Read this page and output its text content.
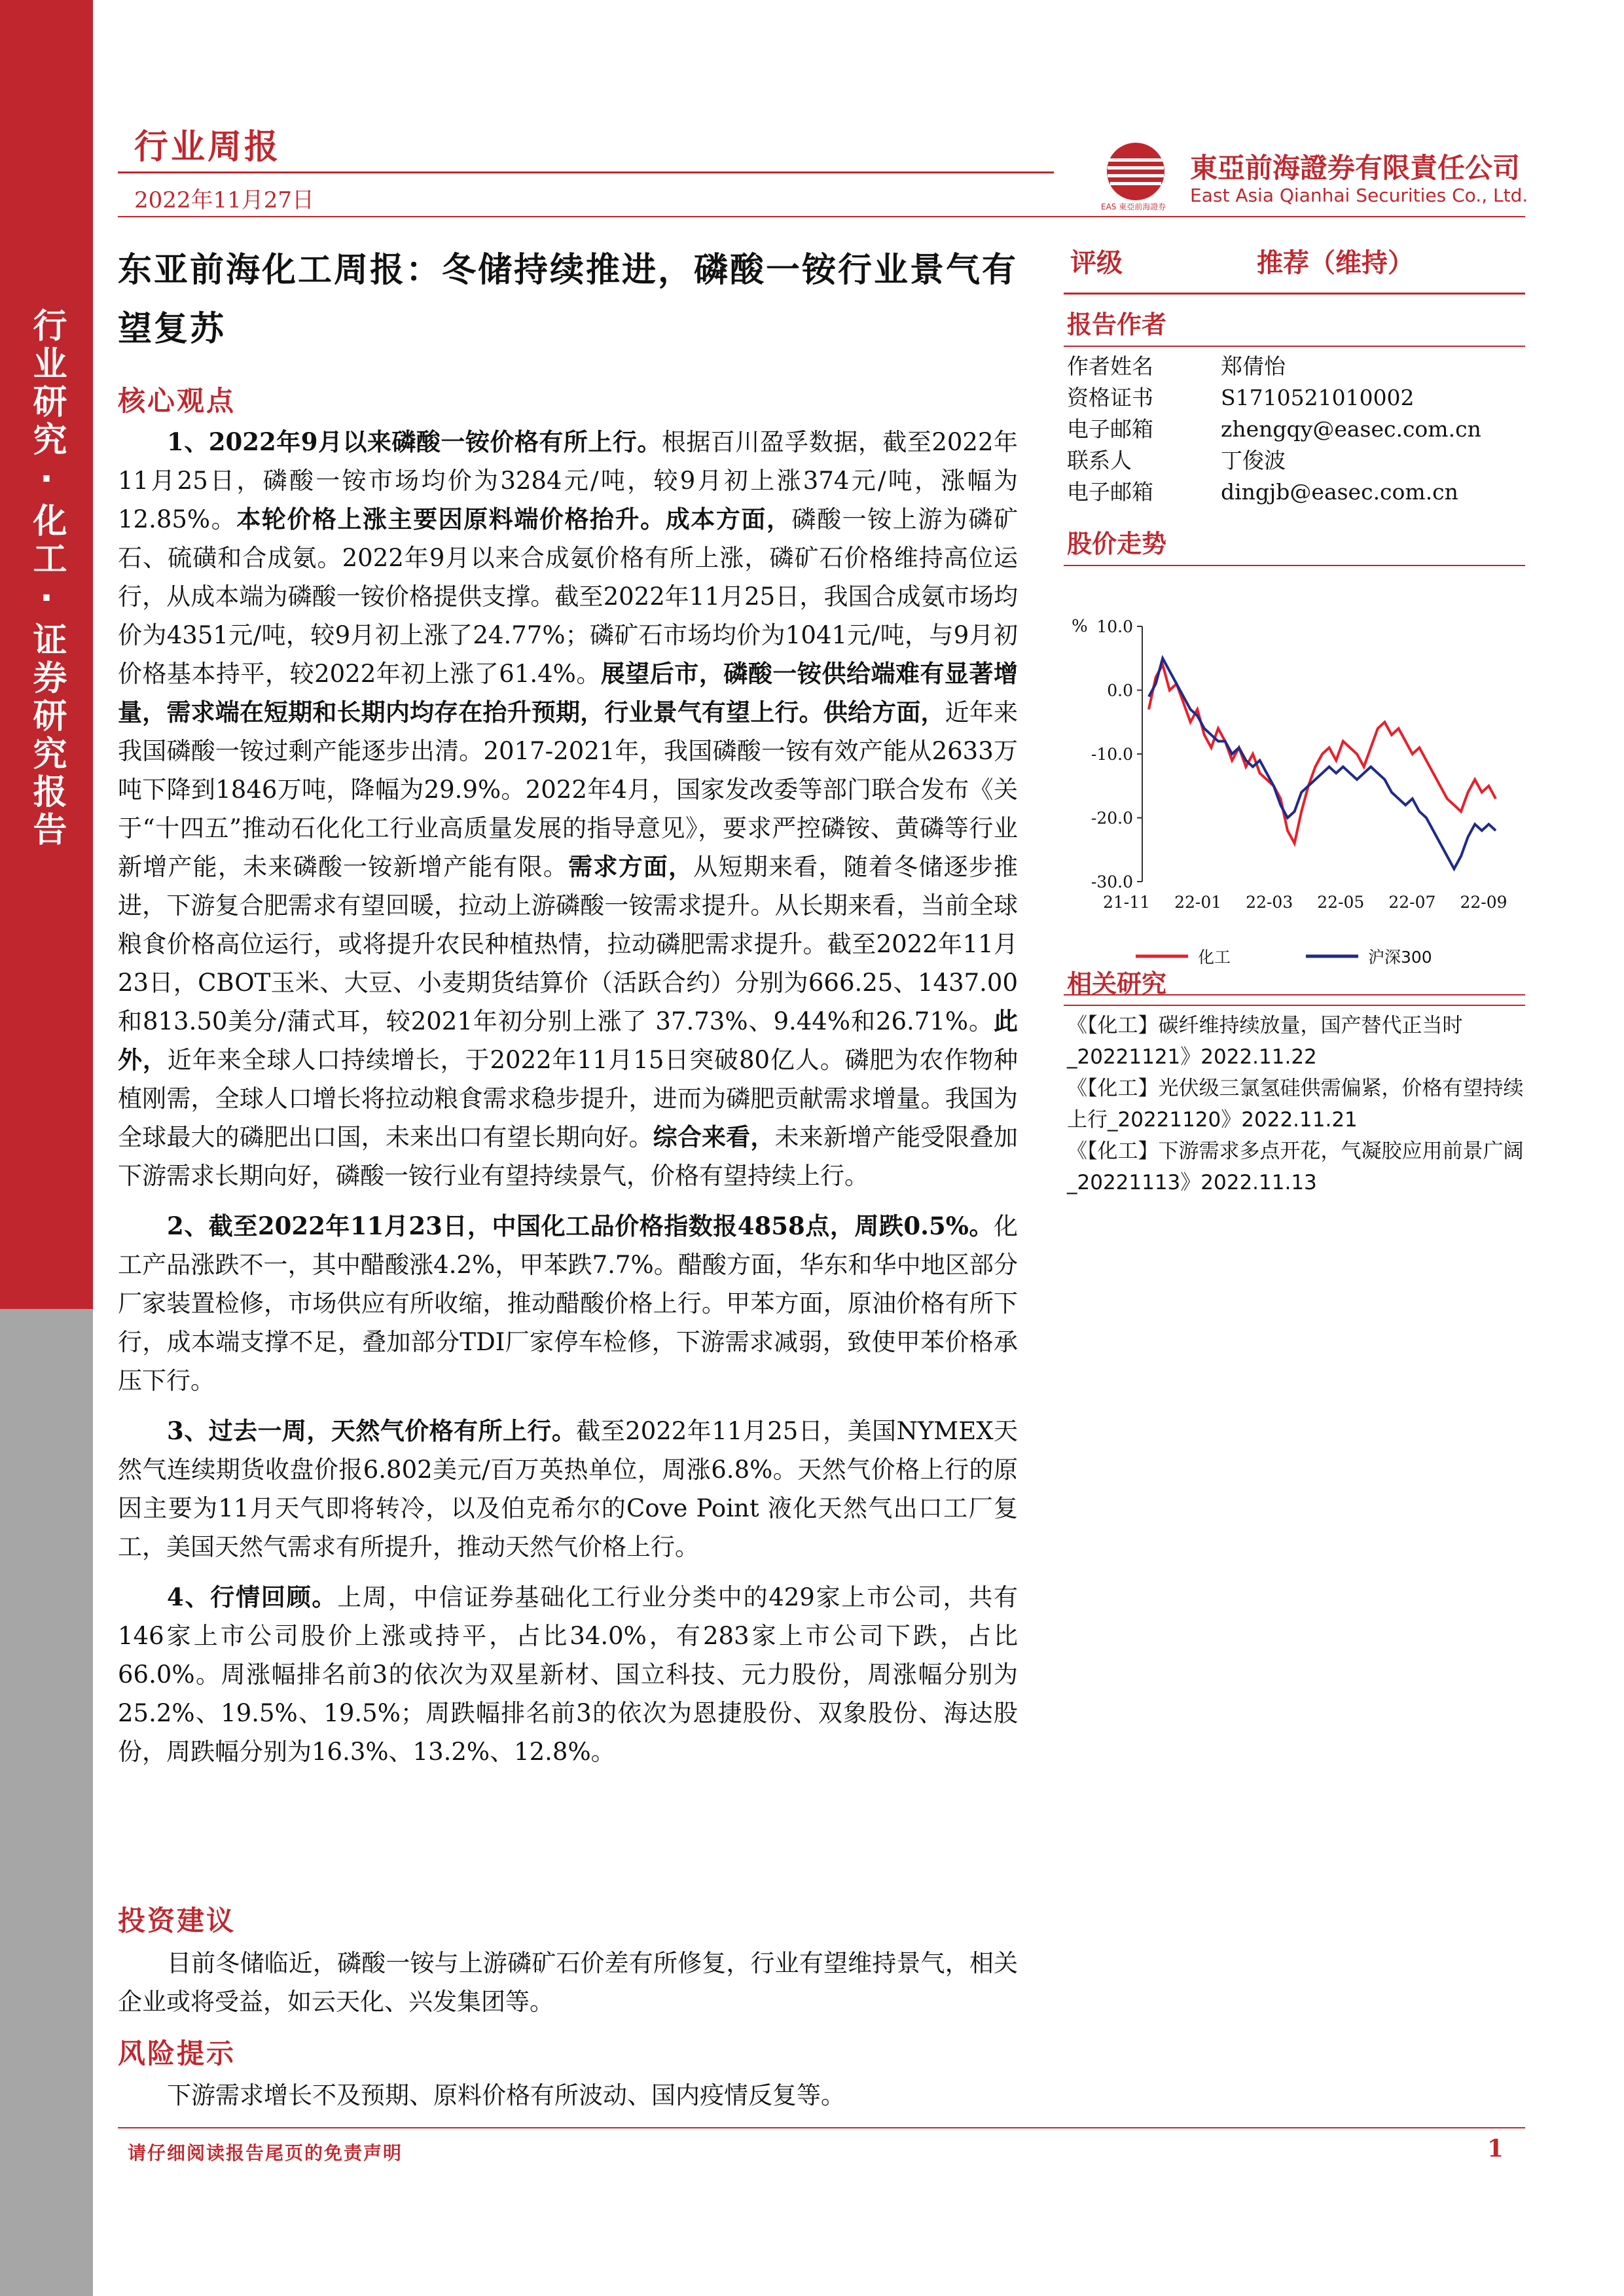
行业研究·化工·证券研究报告
行业周报
2022年11月27日	EAS 東亞前海證券
東亞前海證券有限責任公司
East Asia Qianhai Securities Co., Ltd.
东亚前海化工周报：冬储持续推进，磷酸一铵行业景气有望复苏
核心观点

1、2022年9月以来磷酸一铵价格有所上行。根据百川盈孚数据，截至2022年11月25日，磷酸一铵市场均价为3284元/吨，较9月初上涨374元/吨，涨幅为12.85%。本轮价格上涨主要因原料端价格抬升。成本方面，磷酸一铵上游为磷矿石、硫磺和合成氨。2022年9月以来合成氨价格有所上涨，磷矿石价格维持高位运行，从成本端为磷酸一铵价格提供支撑。截至2022年11月25日，我国合成氨市场均价为4351元/吨，较9月初上涨了24.77%；磷矿石市场均价为1041元/吨，与9月初价格基本持平，较2022年初上涨了61.4%。展望后市，磷酸一铵供给端难有显著增量，需求端在短期和长期内均存在抬升预期，行业景气有望上行。供给方面，近年来我国磷酸一铵过剩产能逐步出清。2017-2021年，我国磷酸一铵有效产能从2633万吨下降到1846万吨，降幅为29.9%。2022年4月，国家发改委等部门联合发布《关于“十四五”推动石化化工行业高质量发展的指导意见》，要求严控磷铵、黄磷等行业新增产能，未来磷酸一铵新增产能有限。需求方面，从短期来看，随着冬储逐步推进，下游复合肥需求有望回暖，拉动上游磷酸一铵需求提升。从长期来看，当前全球粮食价格高位运行，或将提升农民种植热情，拉动磷肥需求提升。截至2022年11月23日，CBOT玉米、大豆、小麦期货结算价（活跃合约）分别为666.25、1437.00和813.50美分/蒲式耳，较2021年初分别上涨了 37.73%、9.44%和26.71%。此外，近年来全球人口持续增长，于2022年11月15日突破80亿人。磷肥为农作物种植刚需，全球人口增长将拉动粮食需求稳步提升，进而为磷肥贡献需求增量。我国为全球最大的磷肥出口国，未来出口有望长期向好。综合来看，未来新增产能受限叠加下游需求长期向好，磷酸一铵行业有望持续景气，价格有望持续上行。

2、截至2022年11月23日，中国化工品价格指数报4858点，周跌0.5%。化工产品涨跌不一，其中醋酸涨4.2%，甲苯跌7.7%。醋酸方面，华东和华中地区部分厂家装置检修，市场供应有所收缩，推动醋酸价格上行。甲苯方面，原油价格有所下行，成本端支撑不足，叠加部分TDI厂家停车检修，下游需求减弱，致使甲苯价格承压下行。

3、过去一周，天然气价格有所上行。截至2022年11月25日，美国NYMEX天然气连续期货收盘价报6.802美元/百万英热单位，周涨6.8%。天然气价格上行的原因主要为11月天气即将转冷，以及伯克希尔的Cove Point 液化天然气出口工厂复工，美国天然气需求有所提升，推动天然气价格上行。

4、行情回顾。上周，中信证券基础化工行业分类中的429家上市公司，共有146家上市公司股价上涨或持平，占比34.0%，有283家上市公司下跌，占比66.0%。周涨幅排名前3的依次为双星新材、国立科技、元力股份，周涨幅分别为25.2%、19.5%、19.5%；周跌幅排名前3的依次为恩捷股份、双象股份、海达股份，周跌幅分别为16.3%、13.2%、12.8%。

投资建议

目前冬储临近，磷酸一铵与上游磷矿石价差有所修复，行业有望维持景气，相关企业或将受益，如云天化、兴发集团等。

风险提示

下游需求增长不及预期、原料价格有所波动、国内疫情反复等。

评级	推荐（维持）
报告作者
作者姓名	郑倩怡
资格证书	S1710521010002
电子邮箱	zhengqy@easec.com.cn
联系人	丁俊波
电子邮箱	dingjb@easec.com.cn
股价走势
% 10.0
0.0
-10.0
-20.0
-30.0
21-11 22-01 22-03 22-05 22-07 22-09
化工	沪深300
相关研究
《【化工】碳纤维持续放量，国产替代正当时_20221121》2022.11.22
《【化工】光伏级三氯氢硅供需偏紧，价格有望持续上行_20221120》2022.11.21
《【化工】下游需求多点开花，气凝胶应用前景广阔_20221113》2022.11.13
请仔细阅读报告尾页的免责声明	1
